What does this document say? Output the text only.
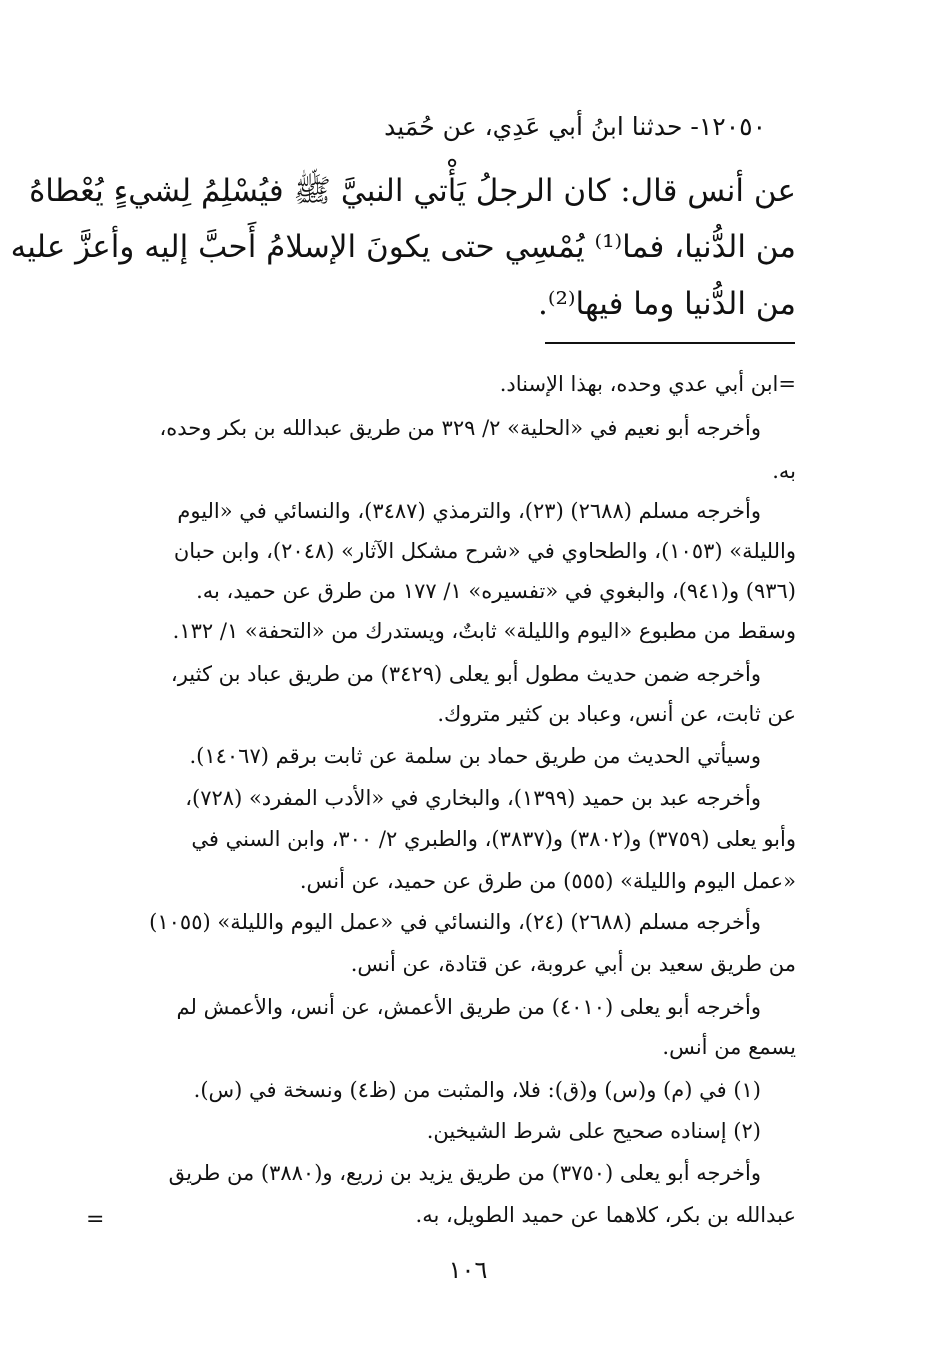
١٢٠٥٠- حدثنا ابنُ أبي عَدِي، عن حُمَيد
عن أنس قال: كان الرجلُ يَأْتي النبيَّ ﷺ فيُسْلِمُ لِشيءٍ يُعْطاهُ
من الدُّنيا، فما⁽¹⁾ يُمْسِي حتى يكونَ الإسلامُ أَحبَّ إليه وأعزَّ عليه
من الدُّنيا وما فيها⁽²⁾.
=ابن أبي عدي وحده، بهذا الإسناد.
وأخرجه أبو نعيم في «الحلية» ٢/ ٣٢٩ من طريق عبدالله بن بكر وحده،
به.
وأخرجه مسلم (٢٦٨٨) (٢٣)، والترمذي (٣٤٨٧)، والنسائي في «اليوم
والليلة» (١٠٥٣)، والطحاوي في «شرح مشكل الآثار» (٢٠٤٨)، وابن حبان
(٩٣٦) و(٩٤١)، والبغوي في «تفسيره» ١/ ١٧٧ من طرق عن حميد، به.
وسقط من مطبوع «اليوم والليلة» ثابتٌ، ويستدرك من «التحفة» ١/ ١٣٢.
وأخرجه ضمن حديث مطول أبو يعلى (٣٤٢٩) من طريق عباد بن كثير،
عن ثابت، عن أنس، وعباد بن كثير متروك.
وسيأتي الحديث من طريق حماد بن سلمة عن ثابت برقم (١٤٠٦٧).
وأخرجه عبد بن حميد (١٣٩٩)، والبخاري في «الأدب المفرد» (٧٢٨)،
وأبو يعلى (٣٧٥٩) و(٣٨٠٢) و(٣٨٣٧)، والطبري ٢/ ٣٠٠، وابن السني في
«عمل اليوم والليلة» (٥٥٥) من طرق عن حميد، عن أنس.
وأخرجه مسلم (٢٦٨٨) (٢٤)، والنسائي في «عمل اليوم والليلة» (١٠٥٥)
من طريق سعيد بن أبي عروبة، عن قتادة، عن أنس.
وأخرجه أبو يعلى (٤٠١٠) من طريق الأعمش، عن أنس، والأعمش لم
يسمع من أنس.
(١) في (م) و(س) و(ق): فلا، والمثبت من (ظ٤) ونسخة في (س).
(٢) إسناده صحيح على شرط الشيخين.
وأخرجه أبو يعلى (٣٧٥٠) من طريق يزيد بن زريع، و(٣٨٨٠) من طريق
عبدالله بن بكر، كلاهما عن حميد الطويل، به.
=
١٠٦
